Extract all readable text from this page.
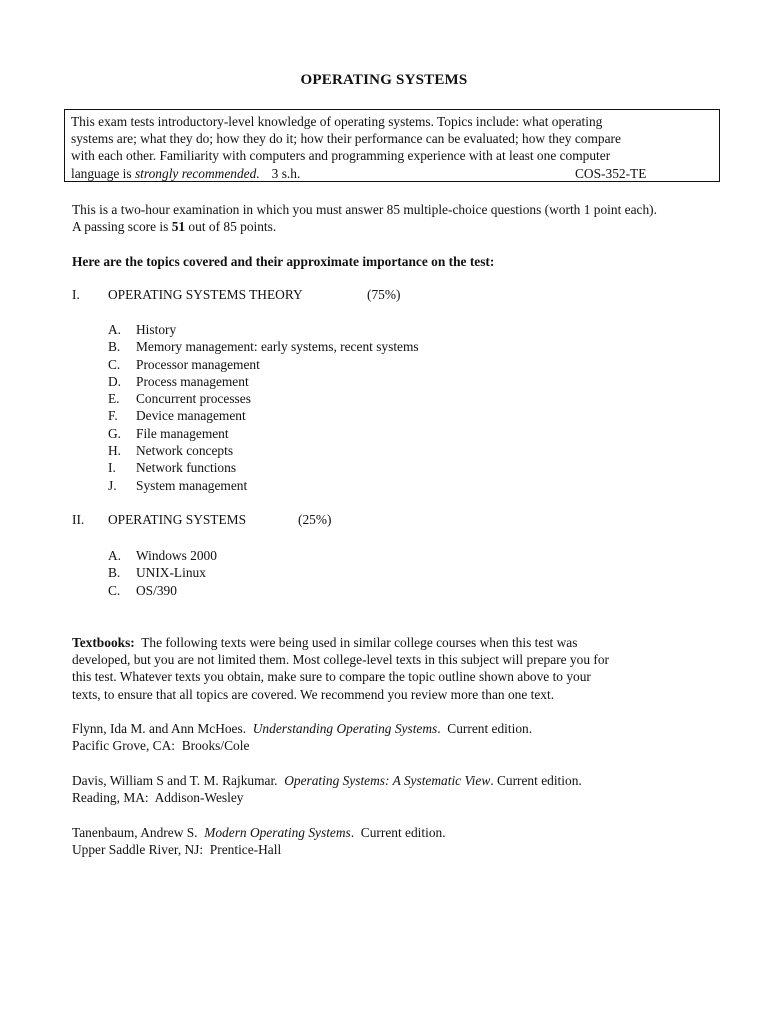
OPERATING SYSTEMS
This exam tests introductory-level knowledge of operating systems. Topics include: what operating
systems are; what they do; how they do it; how their performance can be evaluated; how they compare
with each other. Familiarity with computers and programming experience with at least one computer
language is strongly recommended. 3 s.h.	COS-352-TE
This is a two-hour examination in which you must answer 85 multiple-choice questions (worth 1 point each).
A passing score is 51 out of 85 points.
Here are the topics covered and their approximate importance on the test:
I. OPERATING SYSTEMS THEORY	(75%)
A. History
B. Memory management: early systems, recent systems
C. Processor management
D. Process management
E. Concurrent processes
F. Device management
G. File management
H. Network concepts
I. Network functions
J. System management
II. OPERATING SYSTEMS	(25%)
A. Windows 2000
B. UNIX-Linux
C. OS/390
Textbooks:  The following texts were being used in similar college courses when this test was
developed, but you are not limited them. Most college-level texts in this subject will prepare you for
this test. Whatever texts you obtain, make sure to compare the topic outline shown above to your
texts, to ensure that all topics are covered. We recommend you review more than one text.
Flynn, Ida M. and Ann McHoes.  Understanding Operating Systems.  Current edition.
Pacific Grove, CA:  Brooks/Cole
Davis, William S and T. M. Rajkumar.  Operating Systems: A Systematic View. Current edition.
Reading, MA:  Addison-Wesley
Tanenbaum, Andrew S.  Modern Operating Systems.  Current edition.
Upper Saddle River, NJ:  Prentice-Hall
